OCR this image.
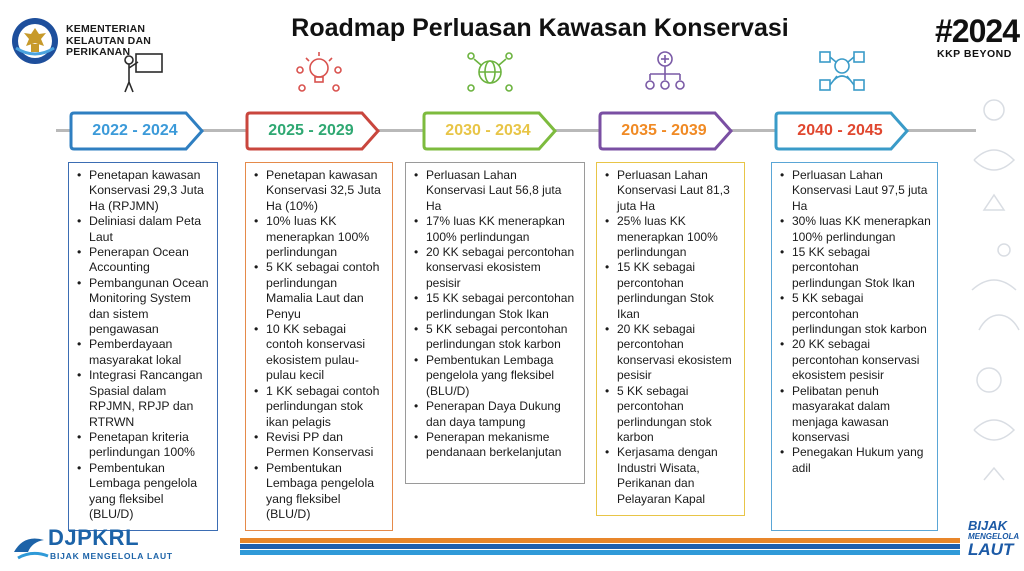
KEMENTERIAN
KELAUTAN DAN
PERIKANAN
Roadmap Perluasan Kawasan Konservasi	#2024
KKP BEYOND
2022 - 2024	2025 - 2029	2030 - 2034	2035 - 2039	2040 - 2045
• Penetapan kawasan Konservasi 29,3 Juta Ha (RPJMN)
• Deliniasi dalam Peta Laut
• Penerapan Ocean Accounting
• Pembangunan Ocean Monitoring System dan sistem pengawasan
• Pemberdayaan masyarakat lokal
• Integrasi Rancangan Spasial dalam RPJMN, RPJP dan RTRWN
• Penetapan kriteria perlindungan 100%
• Pembentukan Lembaga pengelola yang fleksibel (BLU/D)
• Penetapan kawasan Konservasi 32,5 Juta Ha (10%)
• 10% luas KK menerapkan 100% perlindungan
• 5 KK sebagai contoh perlindungan Mamalia Laut dan Penyu
• 10 KK sebagai contoh konservasi ekosistem pulau-pulau kecil
• 1 KK sebagai contoh perlindungan stok ikan pelagis
• Revisi PP dan Permen Konservasi
• Pembentukan Lembaga pengelola yang fleksibel (BLU/D)
• Perluasan Lahan Konservasi Laut 56,8 juta Ha
• 17% luas KK menerapkan 100% perlindungan
• 20 KK sebagai percontohan konservasi ekosistem pesisir
• 15 KK sebagai percontohan perlindungan Stok Ikan
• 5 KK sebagai percontohan perlindungan stok karbon
• Pembentukan Lembaga pengelola yang fleksibel (BLU/D)
• Penerapan Daya Dukung dan daya tampung
• Penerapan mekanisme pendanaan berkelanjutan
• Perluasan Lahan Konservasi Laut 81,3 juta Ha
• 25% luas KK menerapkan 100% perlindungan
• 15 KK sebagai percontohan perlindungan Stok Ikan
• 20 KK sebagai percontohan konservasi ekosistem pesisir
• 5 KK sebagai percontohan perlindungan stok karbon
• Kerjasama dengan Industri Wisata, Perikanan dan Pelayaran Kapal
• Perluasan Lahan Konservasi Laut 97,5 juta Ha
• 30% luas KK menerapkan 100% perlindungan
• 15 KK sebagai percontohan perlindungan Stok Ikan
• 5 KK sebagai percontohan perlindungan stok karbon
• 20 KK sebagai percontohan konservasi ekosistem pesisir
• Pelibatan penuh masyarakat dalam menjaga kawasan konservasi
• Penegakan Hukum yang adil
DJPKRL
BIJAK MENGELOLA LAUT
BIJAK
MENGELOLA
LAUT
